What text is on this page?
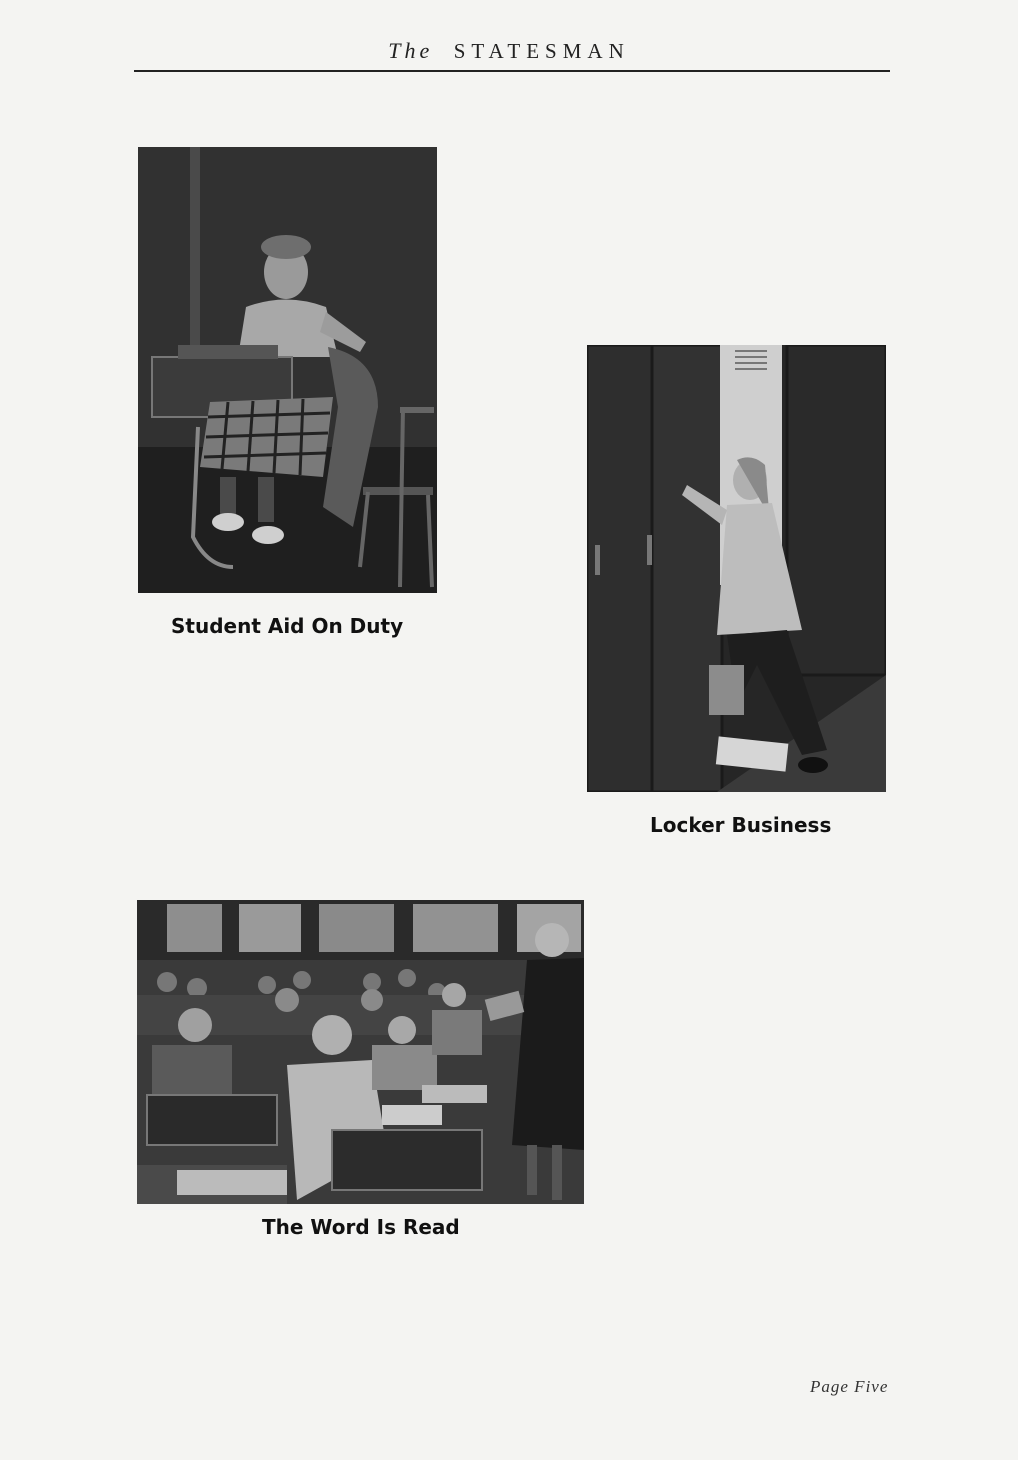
The STATESMAN
Student Aid On Duty
Locker Business
The Word Is Read
Page Five
